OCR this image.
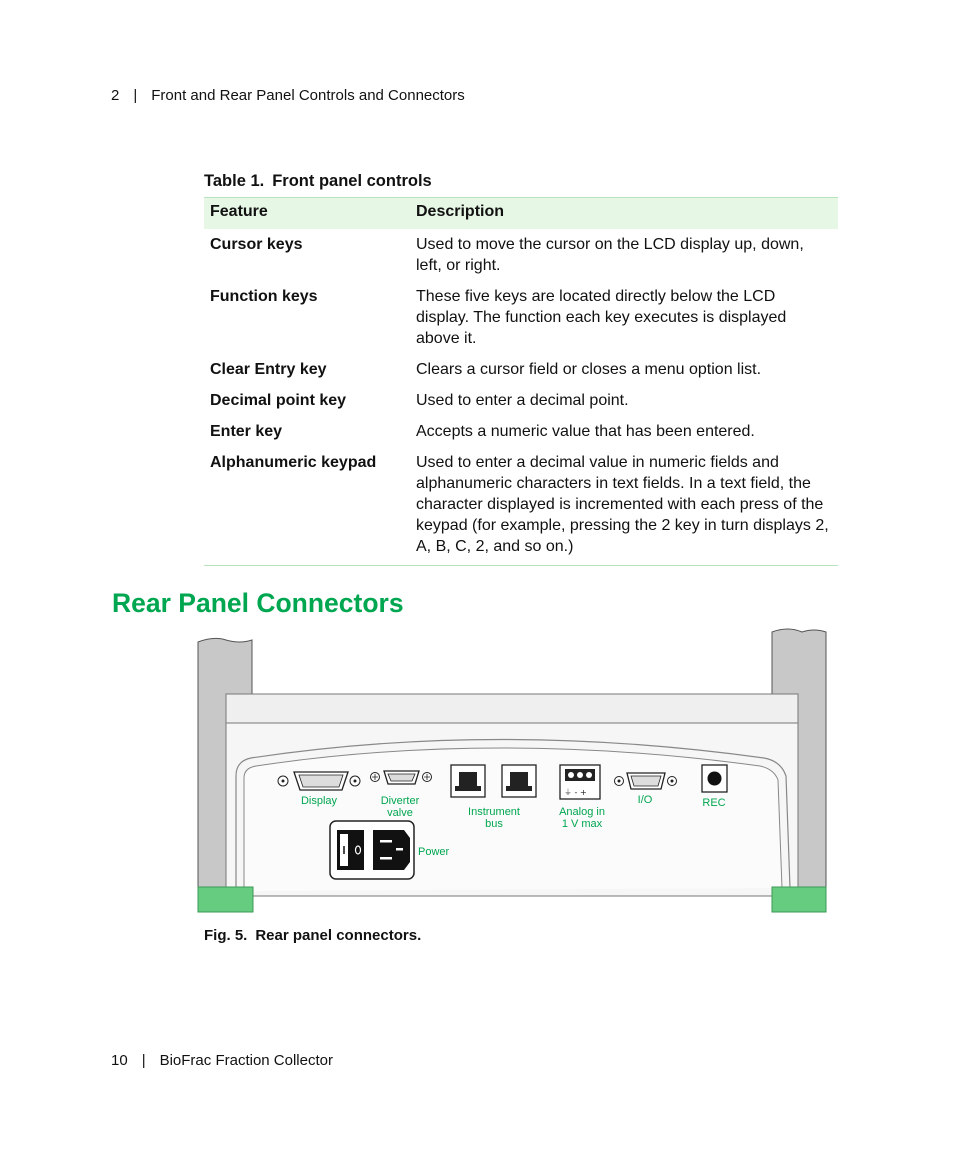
2 | Front and Rear Panel Controls and Connectors
Table 1. Front panel controls
Feature	Description
Cursor keys	Used to move the cursor on the LCD display up, down, left, or right.
Function keys	These five keys are located directly below the LCD display. The function each key executes is displayed above it.
Clear Entry key	Clears a cursor field or closes a menu option list.
Decimal point key	Used to enter a decimal point.
Enter key	Accepts a numeric value that has been entered.
Alphanumeric keypad	Used to enter a decimal value in numeric fields and alphanumeric characters in text fields. In a text field, the character displayed is incremented with each press of the keypad (for example, pressing the 2 key in turn displays 2, A, B, C, 2, and so on.)
Rear Panel Connectors
⏚ - +
Display	Diverter
valve	Instrument
bus
Analog in
1 V max
I/O	REC
Power
Fig. 5. Rear panel connectors.
10 | BioFrac Fraction Collector
